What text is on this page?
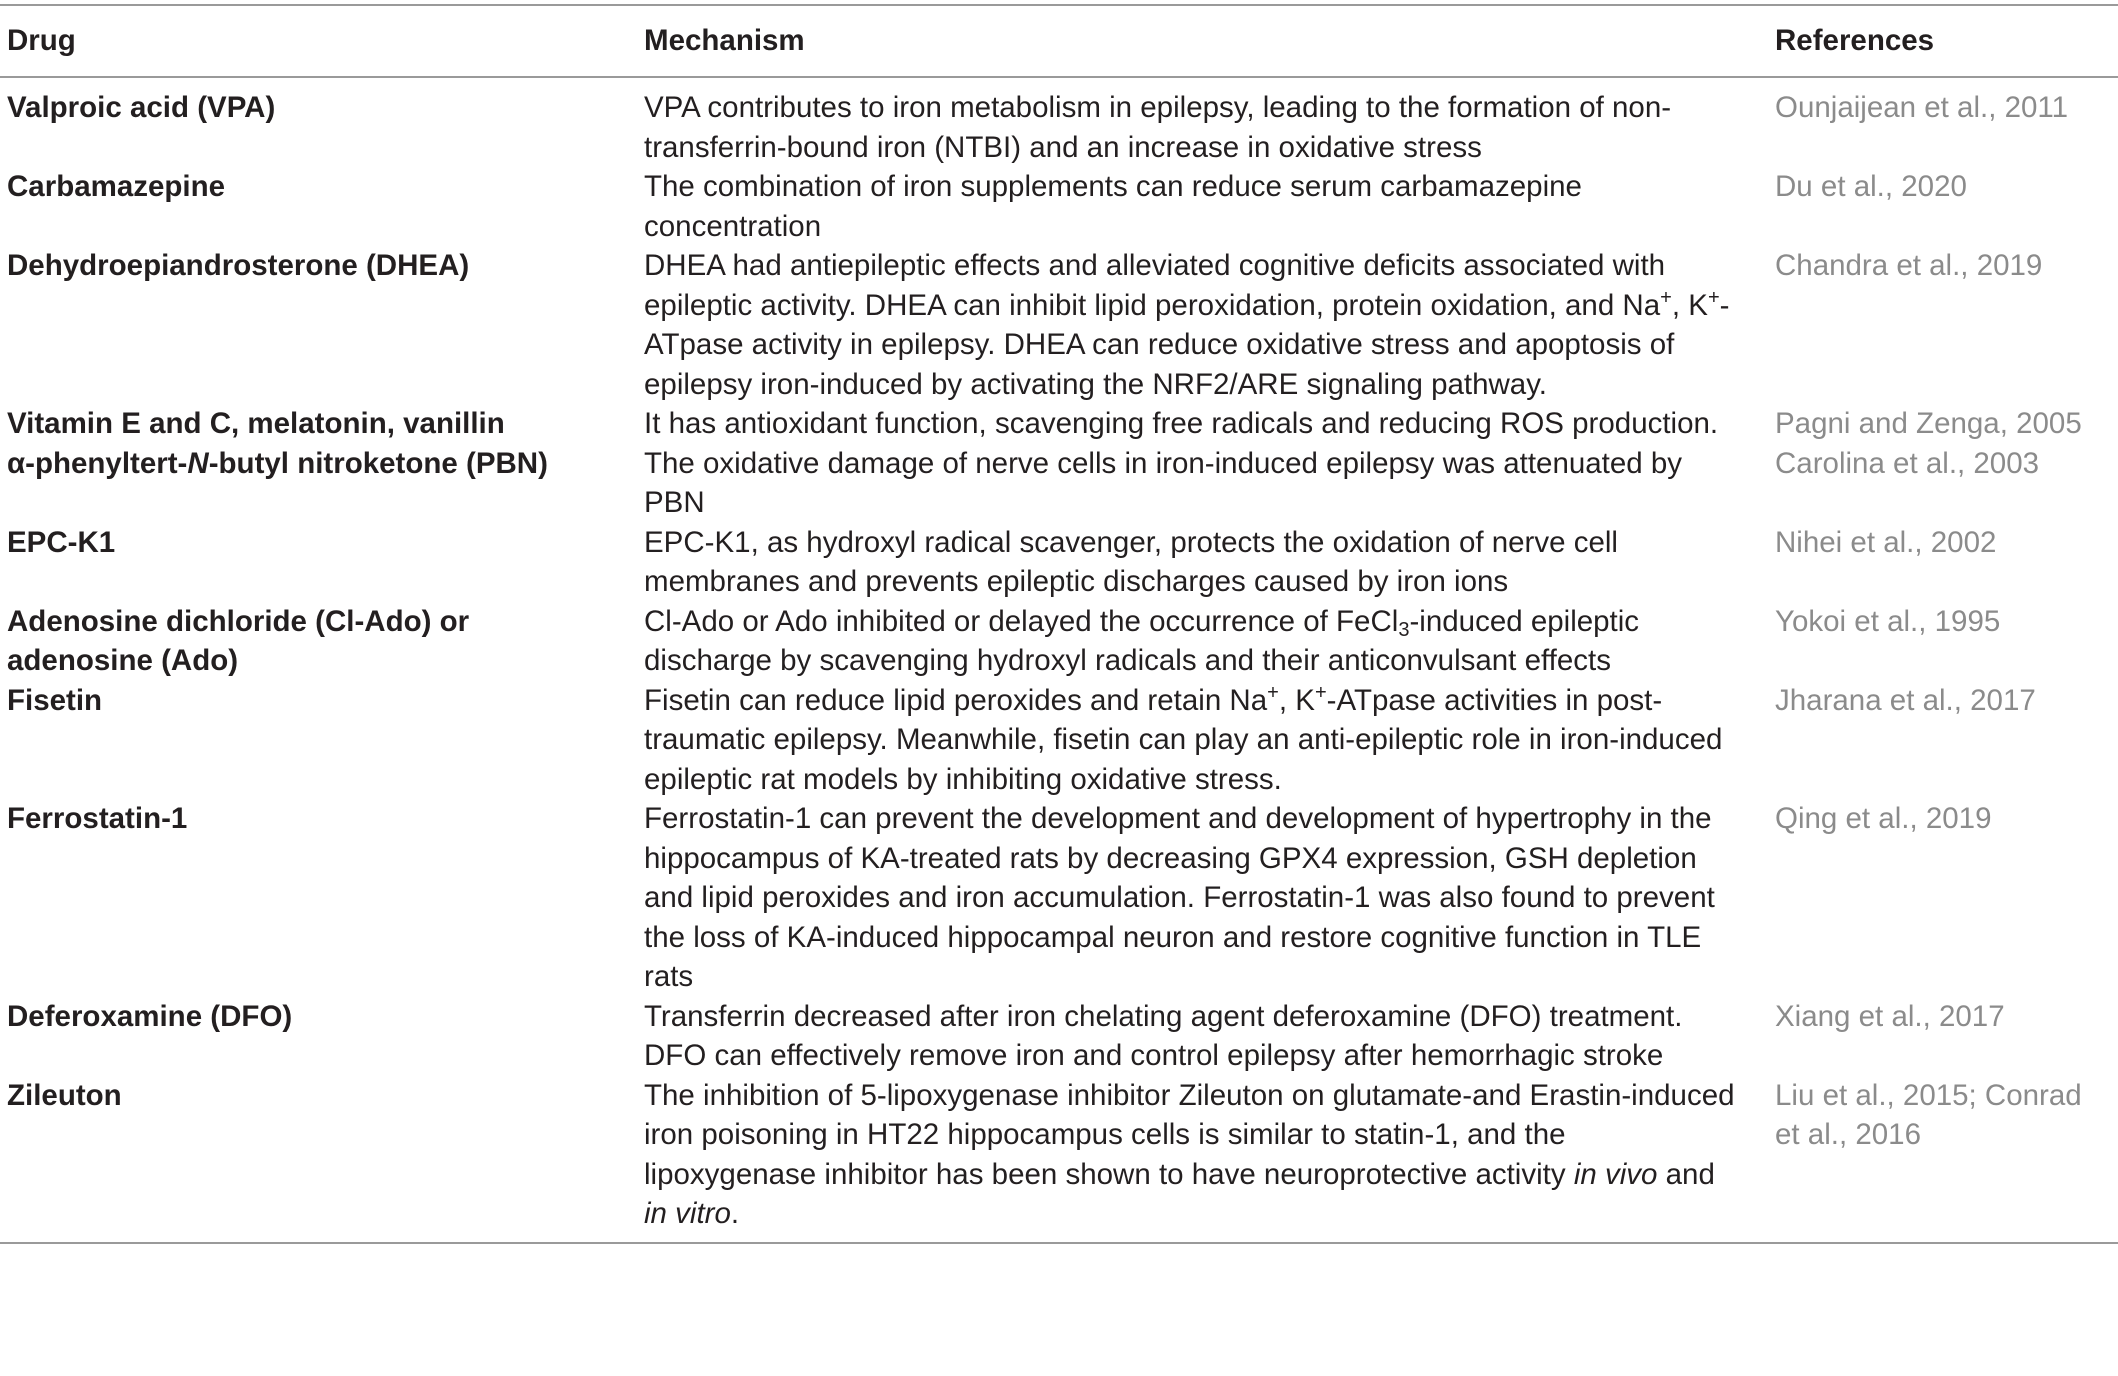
Drug	Mechanism	References
Valproic acid (VPA)	VPA contributes to iron metabolism in epilepsy, leading to the formation of non-transferrin-bound iron (NTBI) and an increase in oxidative stress	Ounjaijean et al., 2011
Carbamazepine	The combination of iron supplements can reduce serum carbamazepine concentration	Du et al., 2020
Dehydroepiandrosterone (DHEA)	DHEA had antiepileptic effects and alleviated cognitive deficits associated with epileptic activity. DHEA can inhibit lipid peroxidation, protein oxidation, and Na+, K+-ATpase activity in epilepsy. DHEA can reduce oxidative stress and apoptosis of epilepsy iron-induced by activating the NRF2/ARE signaling pathway.	Chandra et al., 2019
Vitamin E and C, melatonin, vanillin	It has antioxidant function, scavenging free radicals and reducing ROS production.	Pagni and Zenga, 2005
α-phenyltert-N-butyl nitroketone (PBN)	The oxidative damage of nerve cells in iron-induced epilepsy was attenuated by PBN	Carolina et al., 2003
EPC-K1	EPC-K1, as hydroxyl radical scavenger, protects the oxidation of nerve cell membranes and prevents epileptic discharges caused by iron ions	Nihei et al., 2002
Adenosine dichloride (Cl-Ado) or adenosine (Ado)	Cl-Ado or Ado inhibited or delayed the occurrence of FeCl$_3$-induced epileptic discharge by scavenging hydroxyl radicals and their anticonvulsant effects	Yokoi et al., 1995
Fisetin	Fisetin can reduce lipid peroxides and retain Na+, K+-ATpase activities in post-traumatic epilepsy. Meanwhile, fisetin can play an anti-epileptic role in iron-induced epileptic rat models by inhibiting oxidative stress.	Jharana et al., 2017
Ferrostatin-1	Ferrostatin-1 can prevent the development and development of hypertrophy in the hippocampus of KA-treated rats by decreasing GPX4 expression, GSH depletion and lipid peroxides and iron accumulation. Ferrostatin-1 was also found to prevent the loss of KA-induced hippocampal neuron and restore cognitive function in TLE rats	Qing et al., 2019
Deferoxamine (DFO)	Transferrin decreased after iron chelating agent deferoxamine (DFO) treatment. DFO can effectively remove iron and control epilepsy after hemorrhagic stroke	Xiang et al., 2017
Zileuton	The inhibition of 5-lipoxygenase inhibitor Zileuton on glutamate-and Erastin-induced iron poisoning in HT22 hippocampus cells is similar to statin-1, and the lipoxygenase inhibitor has been shown to have neuroprotective activity in vivo and in vitro.	Liu et al., 2015; Conrad et al., 2016
